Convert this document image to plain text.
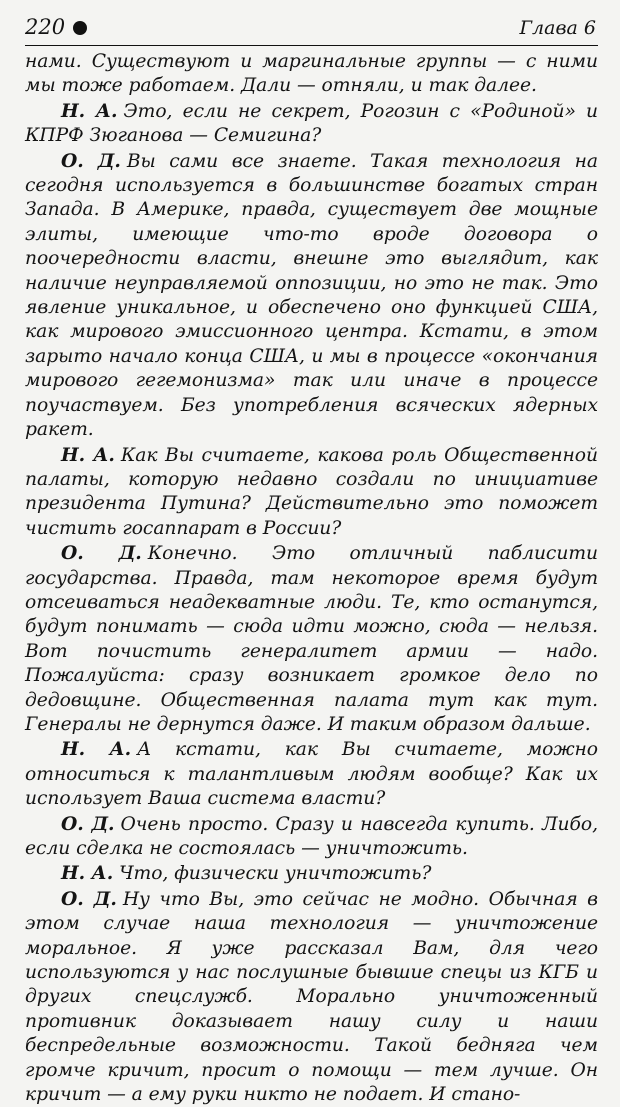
220	Глава 6

нами. Существуют и маргинальные группы — с ними мы тоже работаем. Дали — отняли, и так далее.

Н. А. Это, если не секрет, Рогозин с «Родиной» и КПРФ Зюганова — Семигина?

О. Д. Вы сами все знаете. Такая технология на сегодня используется в большинстве богатых стран Запада. В Америке, правда, существует две мощные элиты, имеющие что-то вроде договора о поочередности власти, внешне это выглядит, как наличие неуправляемой оппозиции, но это не так. Это явление уникальное, и обеспечено оно функцией США, как мирового эмиссионного центра. Кстати, в этом зарыто начало конца США, и мы в процессе «окончания мирового гегемонизма» так или иначе в процессе поучаствуем. Без употребления всяческих ядерных ракет.

Н. А. Как Вы считаете, какова роль Общественной палаты, которую недавно создали по инициативе президента Путина? Действительно это поможет чистить госаппарат в России?

О. Д. Конечно. Это отличный паблисити государства. Правда, там некоторое время будут отсеиваться неадекватные люди. Те, кто останутся, будут понимать — сюда идти можно, сюда — нельзя. Вот почистить генералитет армии — надо. Пожалуйста: сразу возникает громкое дело по дедовщине. Общественная палата тут как тут. Генералы не дернутся даже. И таким образом дальше.

Н. А. А кстати, как Вы считаете, можно относиться к талантливым людям вообще? Как их использует Ваша система власти?

О. Д. Очень просто. Сразу и навсегда купить. Либо, если сделка не состоялась — уничтожить.

Н. А. Что, физически уничтожить?

О. Д. Ну что Вы, это сейчас не модно. Обычная в этом случае наша технология — уничтожение моральное. Я уже рассказал Вам, для чего используются у нас послушные бывшие спецы из КГБ и других спецслужб. Морально уничтоженный противник доказывает нашу силу и наши беспредельные возможности. Такой бедняга чем громче кричит, просит о помощи — тем лучше. Он кричит — а ему руки никто не подает. И стано-
